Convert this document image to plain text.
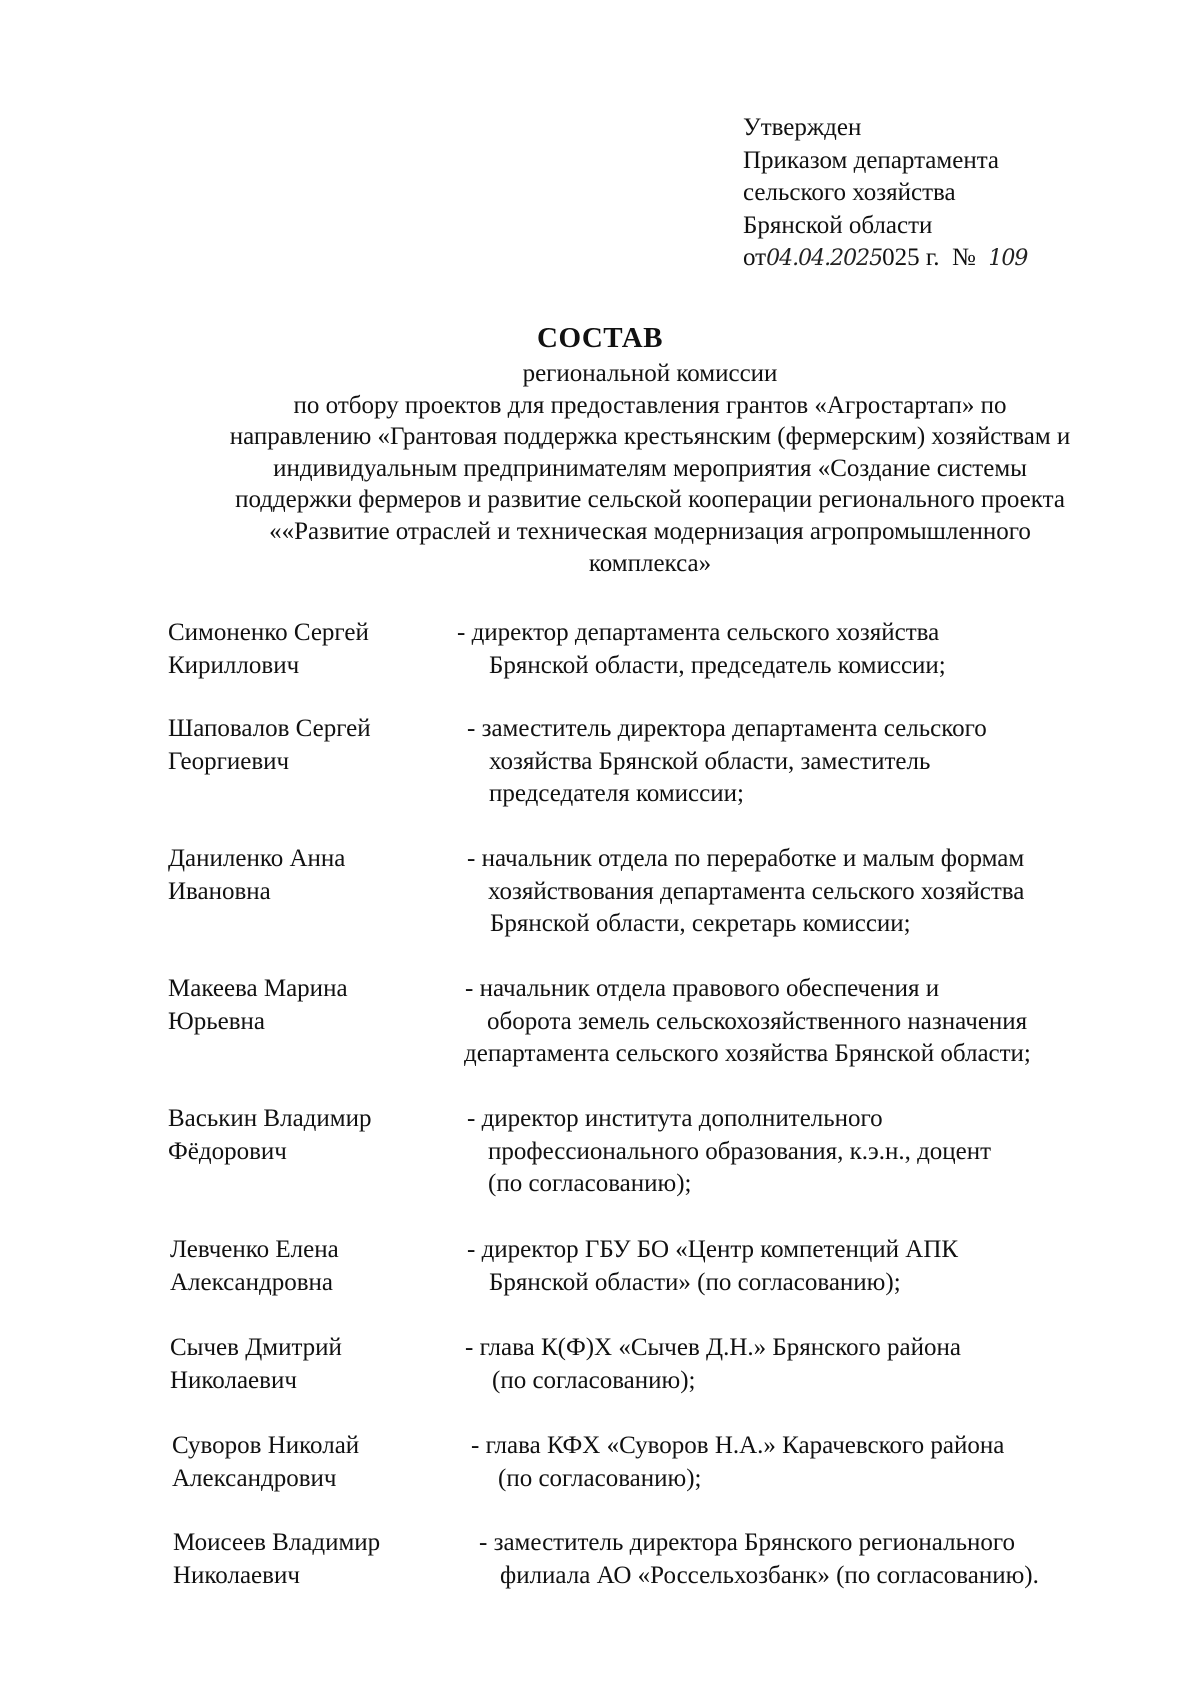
Утвержден
Приказом департамента
сельского хозяйства
Брянской области
от04.04.2025025 г. № 109
СОСТАВ
региональной комиссии
по отбору проектов для предоставления грантов «Агростартап» по
направлению «Грантовая поддержка крестьянским (фермерским) хозяйствам и
индивидуальным предпринимателям мероприятия «Создание системы
поддержки фермеров и развитие сельской кооперации регионального проекта
««Развитие отраслей и техническая модернизация агропромышленного
комплекса»
Симоненко Сергей
Кириллович
- директор департамента сельского хозяйства
Брянской области, председатель комиссии;
Шаповалов Сергей
Георгиевич
- заместитель директора департамента сельского
хозяйства Брянской области, заместитель
председателя комиссии;
Даниленко Анна
Ивановна
- начальник отдела по переработке и малым формам
хозяйствования департамента сельского хозяйства
Брянской области, секретарь комиссии;
Макеева Марина
Юрьевна
- начальник отдела правового обеспечения и
оборота земель сельскохозяйственного назначения
департамента сельского хозяйства Брянской области;
Васькин Владимир
Фёдорович
- директор института дополнительного
профессионального образования, к.э.н., доцент
(по согласованию);
Левченко Елена
Александровна
- директор ГБУ БО «Центр компетенций АПК
Брянской области» (по согласованию);
Сычев Дмитрий
Николаевич
- глава К(Ф)Х «Сычев Д.Н.» Брянского района
(по согласованию);
Суворов Николай
Александрович
- глава КФХ «Суворов Н.А.» Карачевского района
(по согласованию);
Моисеев Владимир
Николаевич
- заместитель директора Брянского регионального
филиала АО «Россельхозбанк» (по согласованию).
